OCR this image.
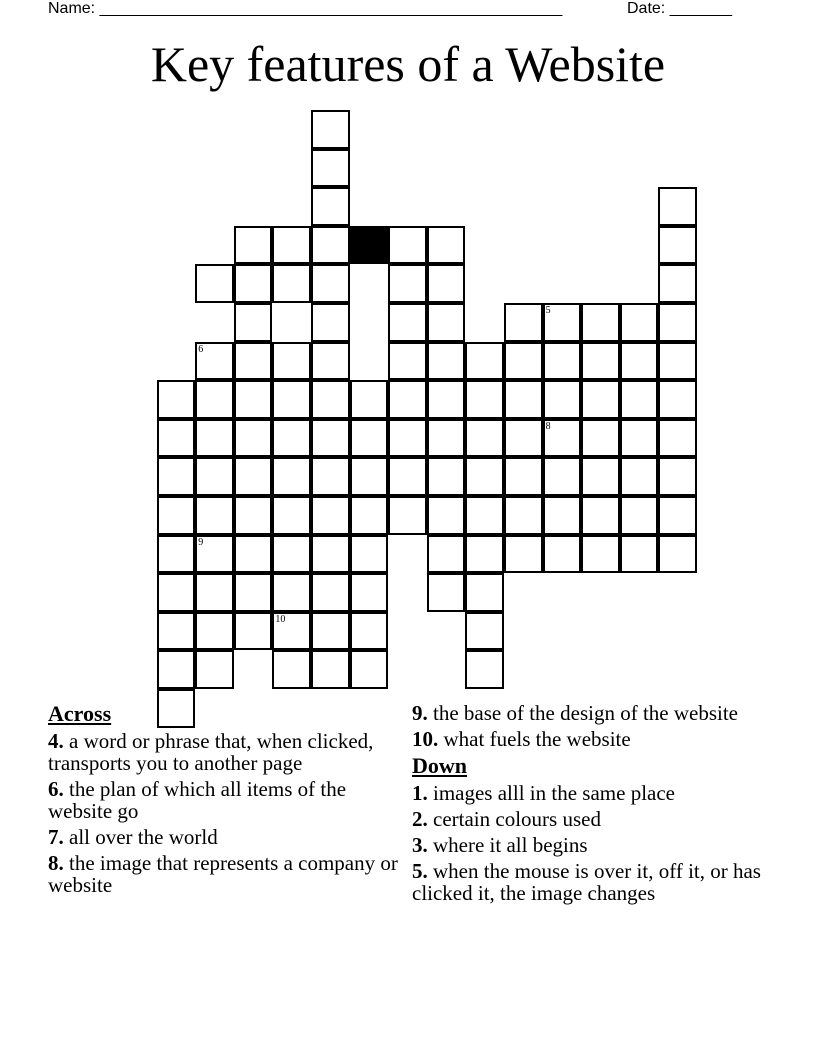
Name: ____________________________________________________	Date: _______
Key features of a Website
6
9
10
5
8
Across
4. a word or phrase that, when clicked, transports you to another page
6. the plan of which all items of the website go
7. all over the world
8. the image that represents a company or website
9. the base of the design of the website
10. what fuels the website
Down
1. images alll in the same place
2. certain colours used
3. where it all begins
5. when the mouse is over it, off it, or has clicked it, the image changes
